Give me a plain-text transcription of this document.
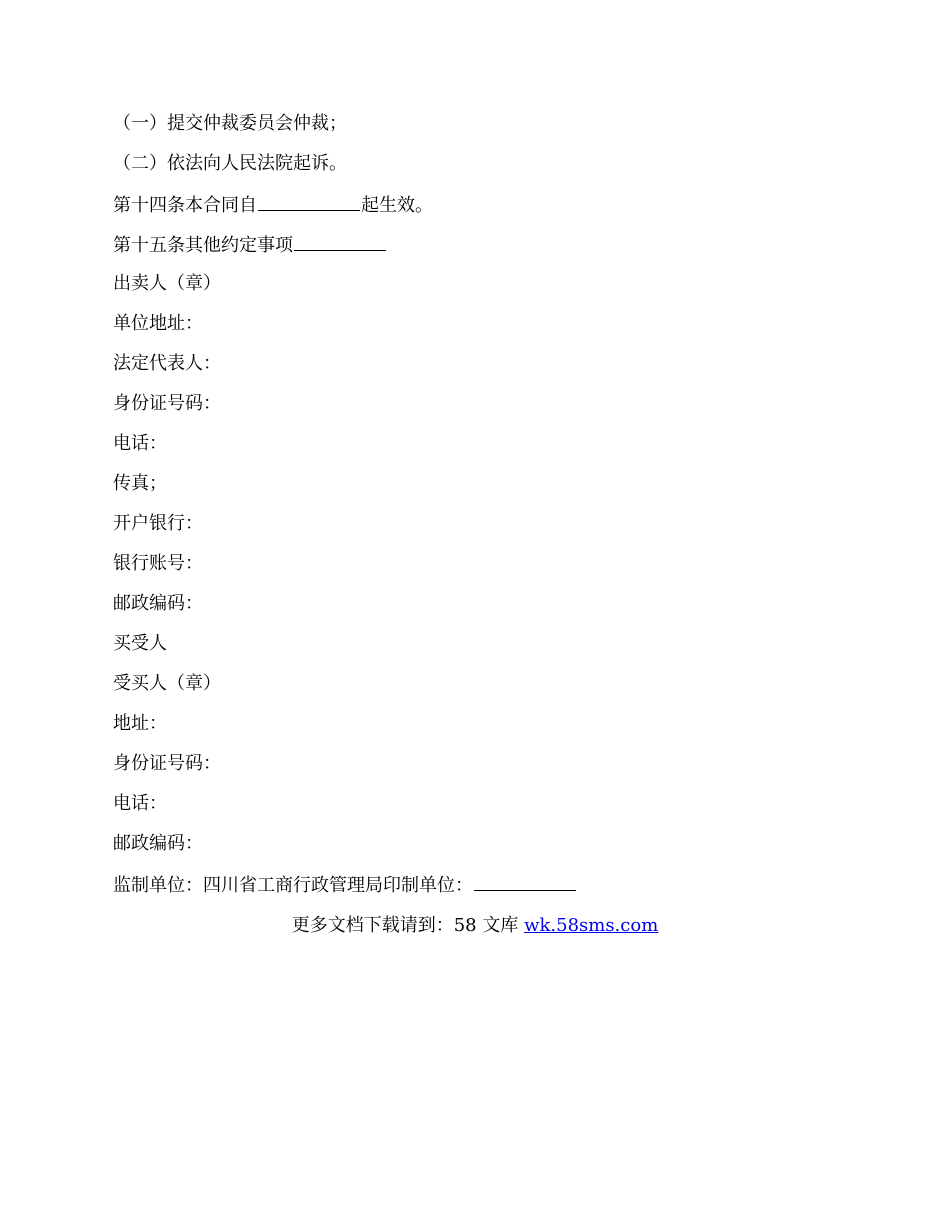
（一）提交仲裁委员会仲裁；
（二）依法向人民法院起诉。
第十四条本合同自	起生效。
第十五条其他约定事项
出卖人（章）
单位地址：
法定代表人：
身份证号码：
电话：
传真；
开户银行：
银行账号：
邮政编码：
买受人
受买人（章）
地址：
身份证号码：
电话：
邮政编码：
监制单位：四川省工商行政管理局印制单位：
更多文档下载请到：58 文库 wk.58sms.com
